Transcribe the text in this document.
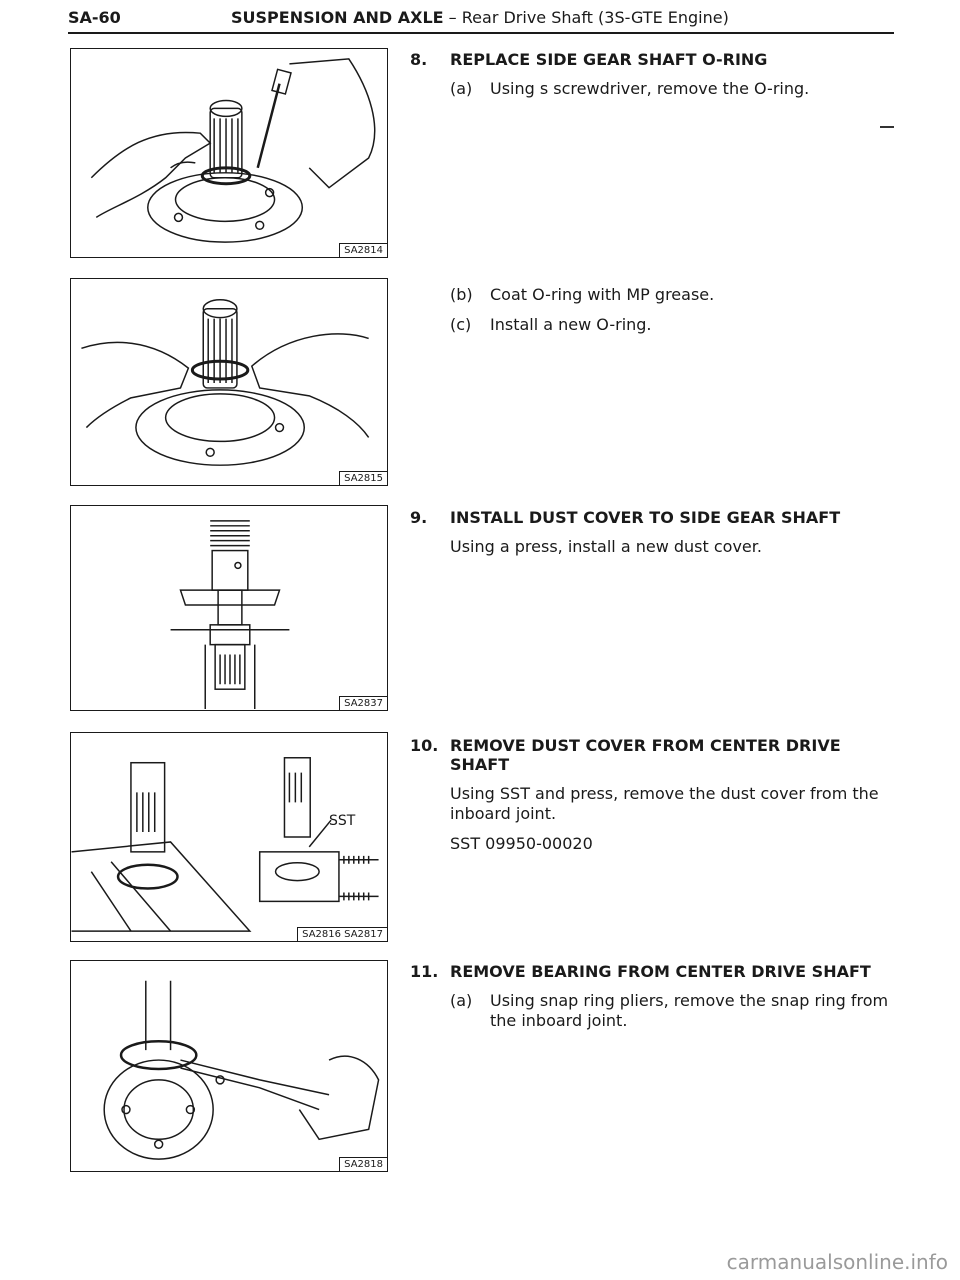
SA-60	SUSPENSION AND AXLE – Rear Drive Shaft (3S-GTE Engine)
SA2814
SA2815
SA2837
SST
SA2816 SA2817
SA2818
8.	REPLACE SIDE GEAR SHAFT O-RING
(a)	Using s screwdriver, remove the O-ring.
(b)	Coat O-ring with MP grease.
(c)	Install a new O-ring.
9.	INSTALL DUST COVER TO SIDE GEAR SHAFT
Using a press, install a new dust cover.
10. REMOVE DUST COVER FROM CENTER DRIVE SHAFT
Using SST and press, remove the dust cover from the inboard joint.
SST 09950-00020
11. REMOVE BEARING FROM CENTER DRIVE SHAFT
(a)	Using snap ring pliers, remove the snap ring from the inboard joint.
carmanualsonline.info
